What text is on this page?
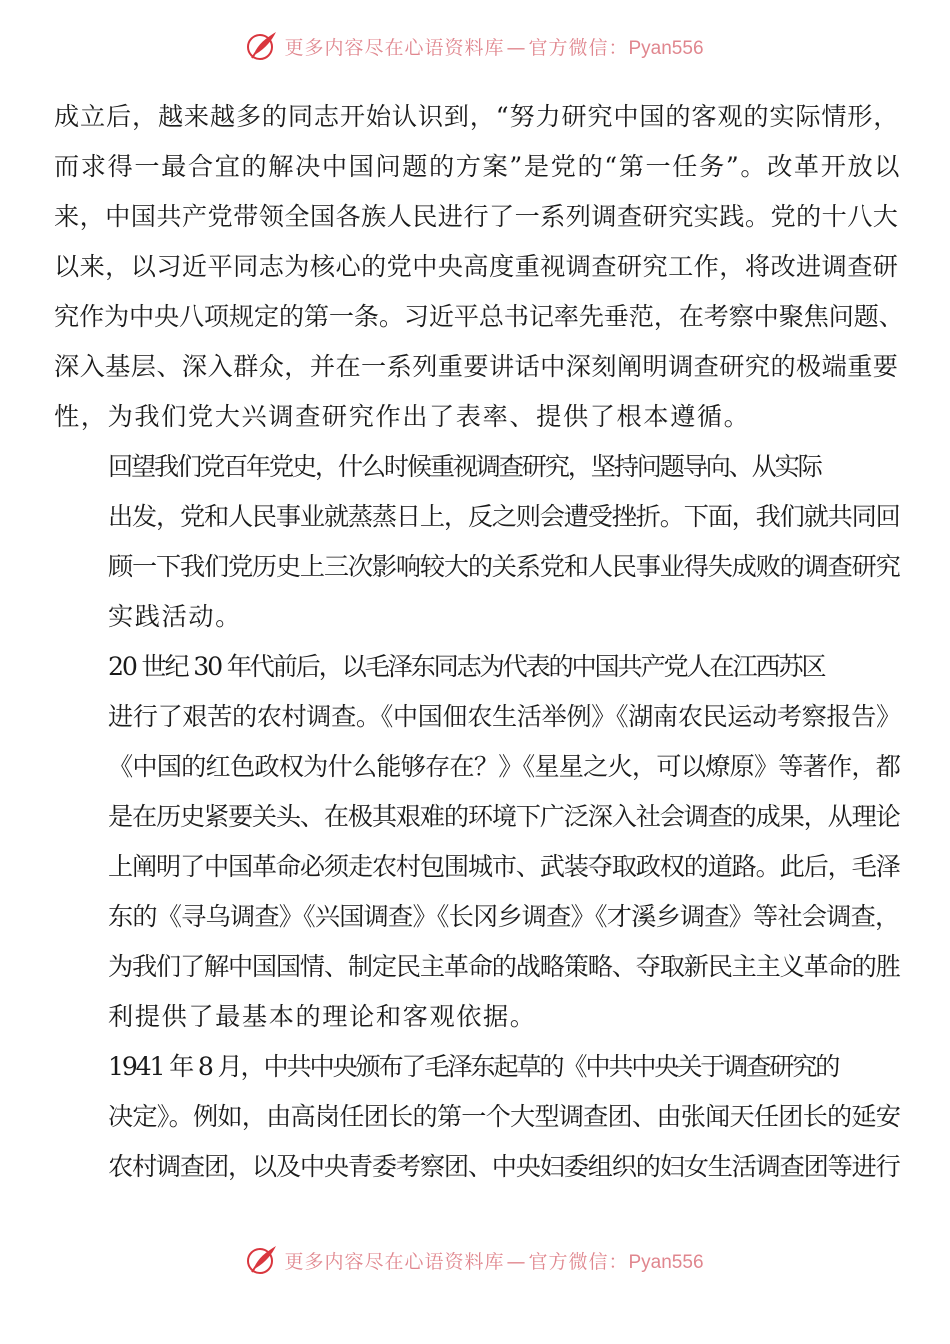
更多内容尽在心语资料库 — 官方微信：Pyan556

成立后，越来越多的同志开始认识到，“努力研究中国的客观的实际情形，
而求得一最合宜的解决中国问题的方案”是党的“第一任务”。改革开放以
来，中国共产党带领全国各族人民进行了一系列调查研究实践。党的十八大
以来，以习近平同志为核心的党中央高度重视调查研究工作，将改进调查研
究作为中央八项规定的第一条。习近平总书记率先垂范，在考察中聚焦问题、
深入基层、深入群众，并在一系列重要讲话中深刻阐明调查研究的极端重要
性，为我们党大兴调查研究作出了表率、提供了根本遵循。

回望我们党百年党史，什么时候重视调查研究，坚持问题导向、从实际
出发，党和人民事业就蒸蒸日上，反之则会遭受挫折。下面，我们就共同回
顾一下我们党历史上三次影响较大的关系党和人民事业得失成败的调查研究
实践活动。

20 世纪 30 年代前后，以毛泽东同志为代表的中国共产党人在江西苏区
进行了艰苦的农村调查。《中国佃农生活举例》《湖南农民运动考察报告》
《中国的红色政权为什么能够存在？》《星星之火，可以燎原》等著作，都
是在历史紧要关头、在极其艰难的环境下广泛深入社会调查的成果，从理论
上阐明了中国革命必须走农村包围城市、武装夺取政权的道路。此后，毛泽
东的《寻乌调查》《兴国调查》《长冈乡调查》《才溪乡调查》等社会调查，
为我们了解中国国情、制定民主革命的战略策略、夺取新民主主义革命的胜
利提供了最基本的理论和客观依据。

1941 年 8 月，中共中央颁布了毛泽东起草的《中共中央关于调查研究的
决定》。例如，由高岗任团长的第一个大型调查团、由张闻天任团长的延安
农村调查团，以及中央青委考察团、中央妇委组织的妇女生活调查团等进行

更多内容尽在心语资料库 — 官方微信：Pyan556
